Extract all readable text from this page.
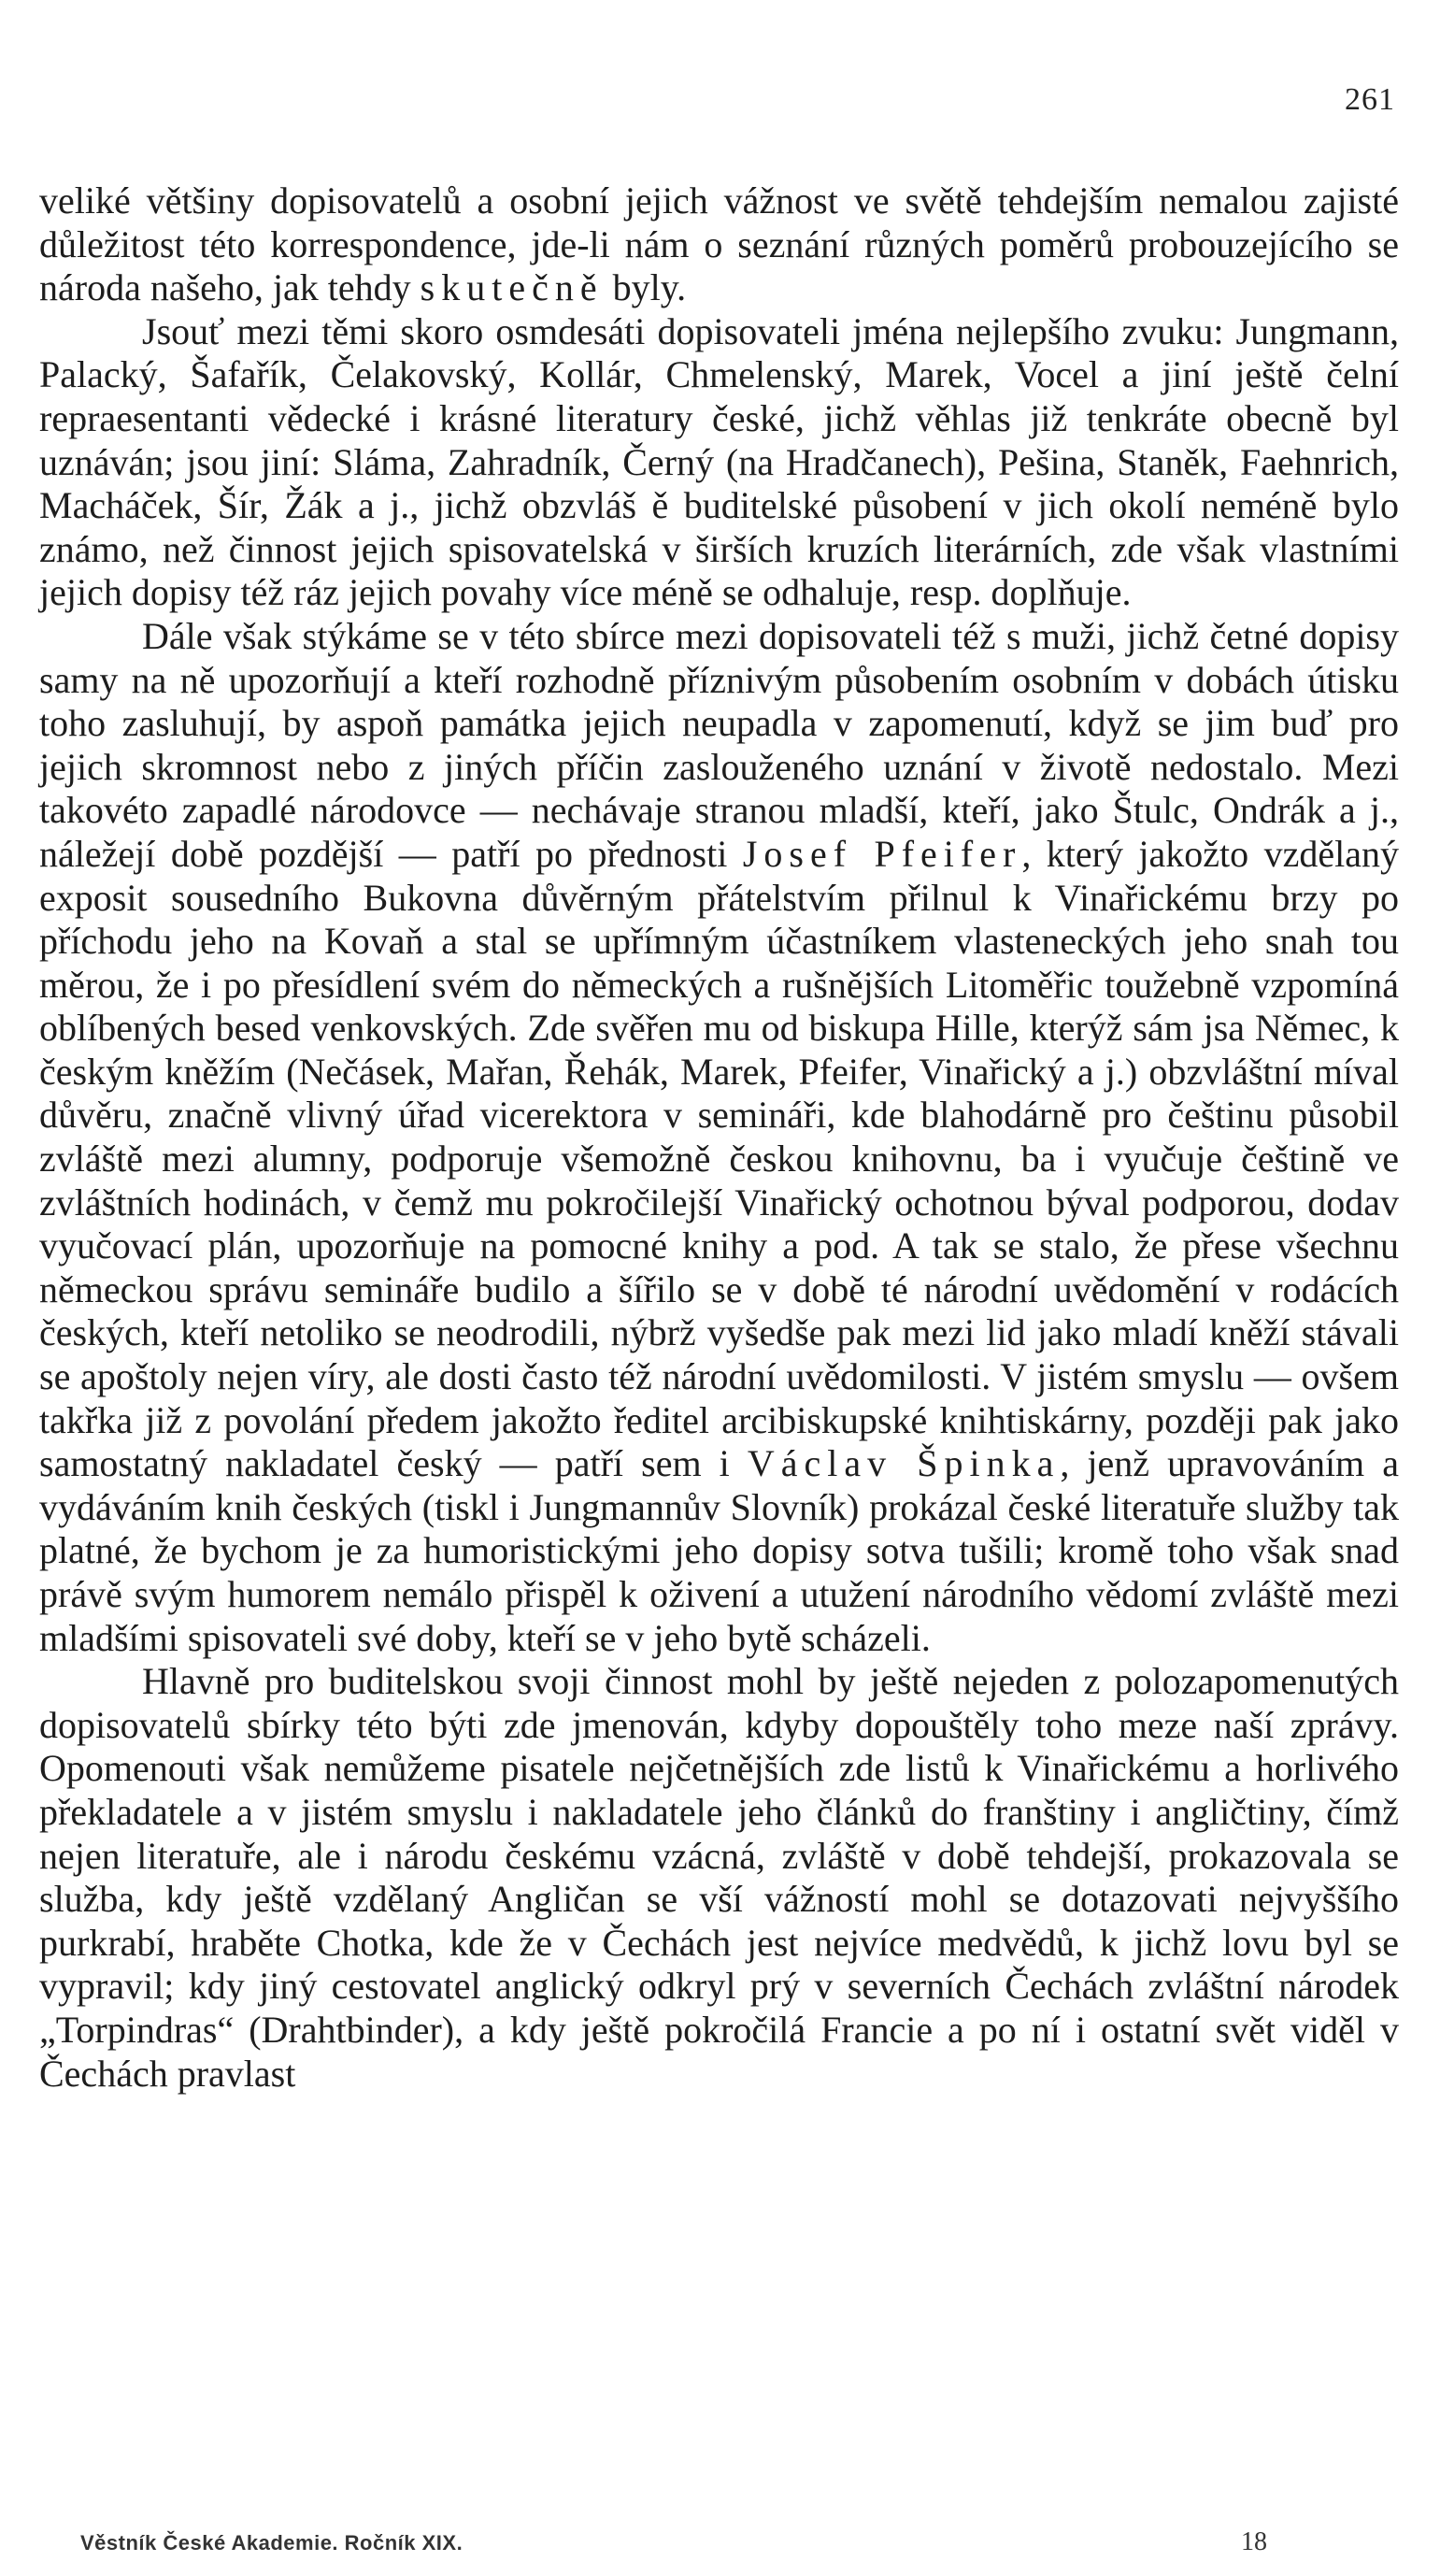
261

veliké většiny dopisovatelů a osobní jejich vážnost ve světě tehdejším nemalou zajisté důležitost této korrespondence, jde-li nám o seznání různých poměrů probouzejícího se národa našeho, jak tehdy skutečně byly.

Jsouť mezi těmi skoro osmdesáti dopisovateli jména nejlepšího zvuku: Jungmann, Palacký, Šafařík, Čelakovský, Kollár, Chmelenský, Marek, Vocel a jiní ještě čelní repraesentanti vědecké i krásné literatury české, jichž věhlas již tenkráte obecně byl uznáván; jsou jiní: Sláma, Zahradník, Černý (na Hradčanech), Pešina, Staněk, Faehnrich, Macháček, Šír, Žák a j., jichž obzvláš ě buditelské působení v jich okolí neméně bylo známo, než činnost jejich spisovatelská v širších kruzích literárních, zde však vlastními jejich dopisy též ráz jejich povahy více méně se odhaluje, resp. doplňuje.

Dále však stýkáme se v této sbírce mezi dopisovateli též s muži, jichž četné dopisy samy na ně upozorňují a kteří rozhodně příznivým působením osobním v dobách útisku toho zasluhují, by aspoň památka jejich neupadla v zapomenutí, když se jim buď pro jejich skromnost nebo z jiných příčin zaslouženého uznání v životě nedostalo. Mezi takovéto zapadlé národovce — nechávaje stranou mladší, kteří, jako Štulc, Ondrák a j., náležejí době pozdější — patří po přednosti Josef Pfeifer, který jakožto vzdělaný exposit sousedního Bukovna důvěrným přátelstvím přilnul k Vinařickému brzy po příchodu jeho na Kovaň a stal se upřímným účastníkem vlasteneckých jeho snah tou měrou, že i po přesídlení svém do německých a rušnějších Litoměřic toužebně vzpomíná oblíbených besed venkovských. Zde svěřen mu od biskupa Hille, kterýž sám jsa Němec, k českým kněžím (Nečásek, Mařan, Řehák, Marek, Pfeifer, Vinařický a j.) obzvláštní míval důvěru, značně vlivný úřad vicerektora v semináři, kde blahodárně pro češtinu působil zvláště mezi alumny, podporuje všemožně českou knihovnu, ba i vyučuje češtině ve zvláštních hodinách, v čemž mu pokročilejší Vinařický ochotnou býval podporou, dodav vyučovací plán, upozorňuje na pomocné knihy a pod. A tak se stalo, že přese všechnu německou správu semináře budilo a šířilo se v době té národní uvědomění v rodácích českých, kteří netoliko se neodrodili, nýbrž vyšedše pak mezi lid jako mladí kněží stávali se apoštoly nejen víry, ale dosti často též národní uvědomilosti. V jistém smyslu — ovšem takřka již z povolání předem jakožto ředitel arcibiskupské knihtiskárny, později pak jako samostatný nakladatel český — patří sem i Václav Špinka, jenž upravováním a vydáváním knih českých (tiskl i Jungmannův Slovník) prokázal české literatuře služby tak platné, že bychom je za humoristickými jeho dopisy sotva tušili; kromě toho však snad právě svým humorem nemálo přispěl k oživení a utužení národního vědomí zvláště mezi mladšími spisovateli své doby, kteří se v jeho bytě scházeli.

Hlavně pro buditelskou svoji činnost mohl by ještě nejeden z polozapomenutých dopisovatelů sbírky této býti zde jmenován, kdyby dopouštěly toho meze naší zprávy. Opomenouti však nemůžeme pisatele nejčetnějších zde listů k Vinařickému a horlivého překladatele a v jistém smyslu i nakladatele jeho článků do franštiny i angličtiny, čímž nejen literatuře, ale i národu českému vzácná, zvláště v době tehdejší, prokazovala se služba, kdy ještě vzdělaný Angličan se vší vážností mohl se dotazovati nejvyššího purkrabí, hraběte Chotka, kde že v Čechách jest nejvíce medvědů, k jichž lovu byl se vypravil; kdy jiný cestovatel anglický odkryl prý v severních Čechách zvláštní národek „Torpindras“ (Drahtbinder), a kdy ještě pokročilá Francie a po ní i ostatní svět viděl v Čechách pravlast

Věstník České Akademie. Ročník XIX.	18
